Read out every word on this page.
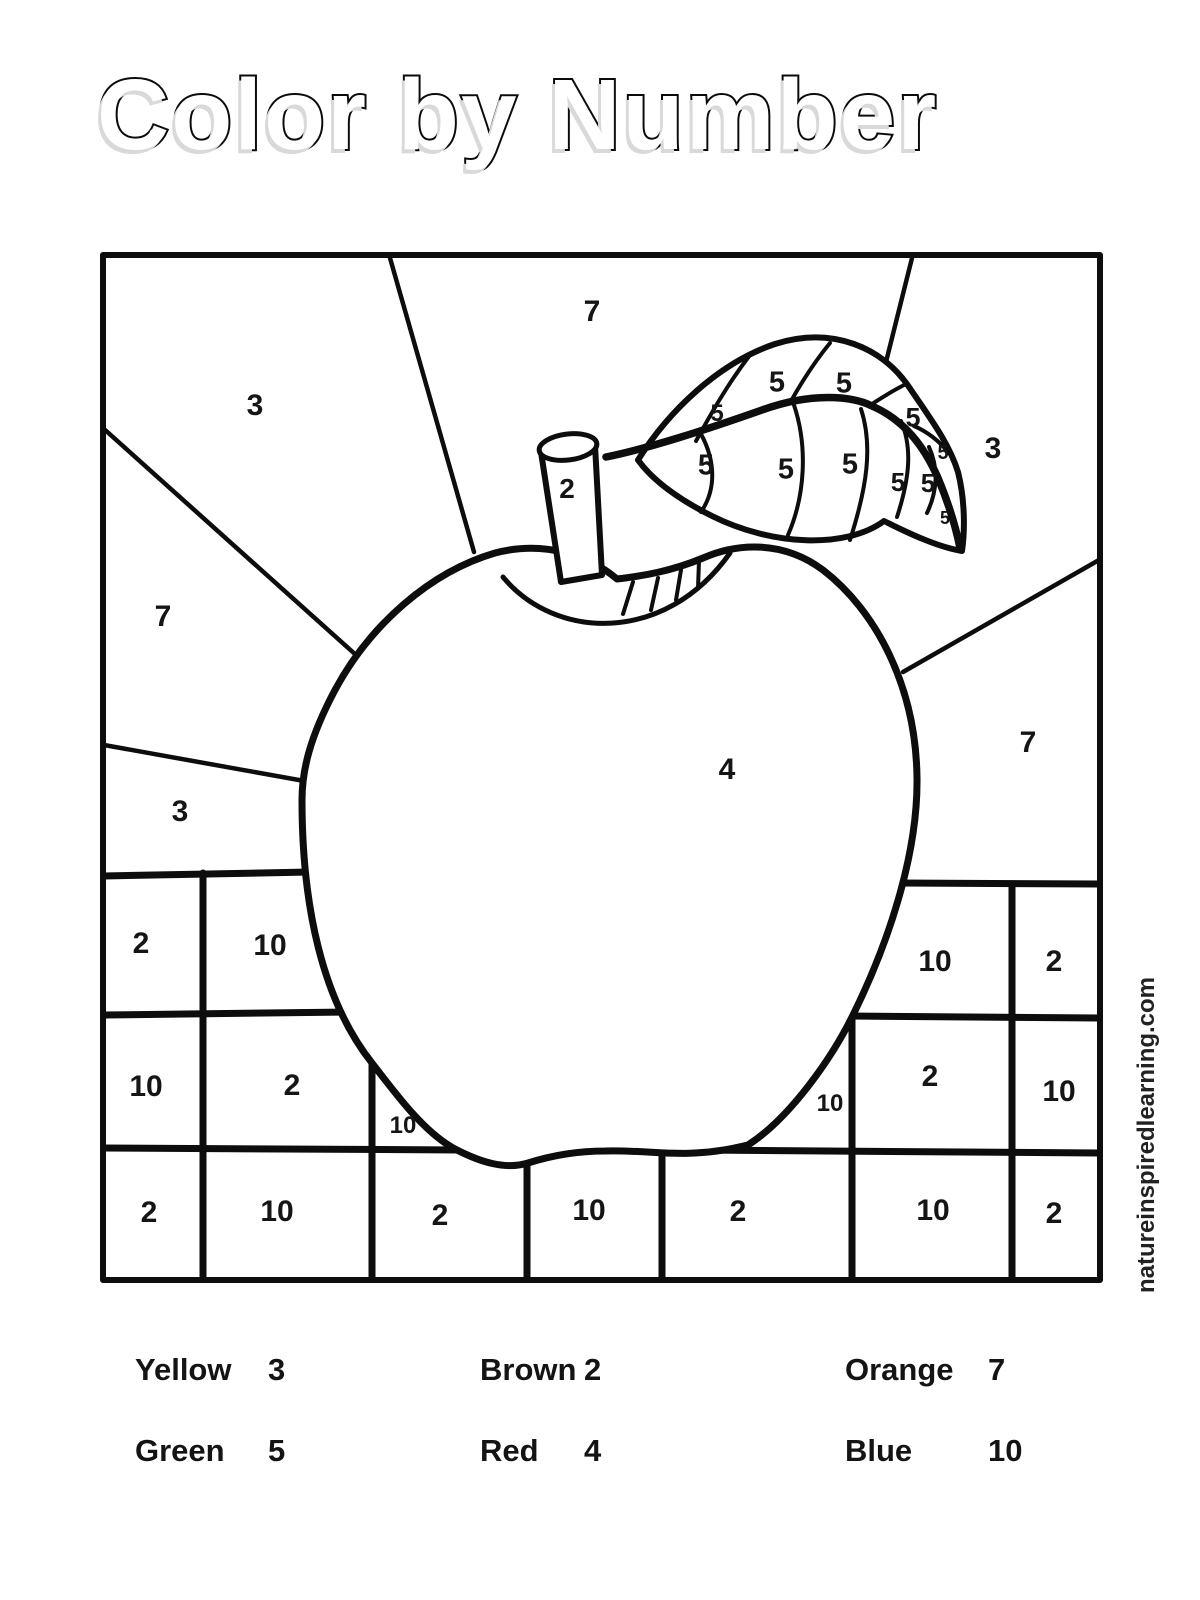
Color by Number
7
3
3
2
7
7
3
4
5 5
5	5
5 5 5
5 5
5
5
2	10	10	2
10	2
10
10
2	10
2	10	2	10	2	10	2
Yellow	3	Brown 2	Orange	7
Green	5	Red	4	Blue	10
natureinspiredlearning.com
